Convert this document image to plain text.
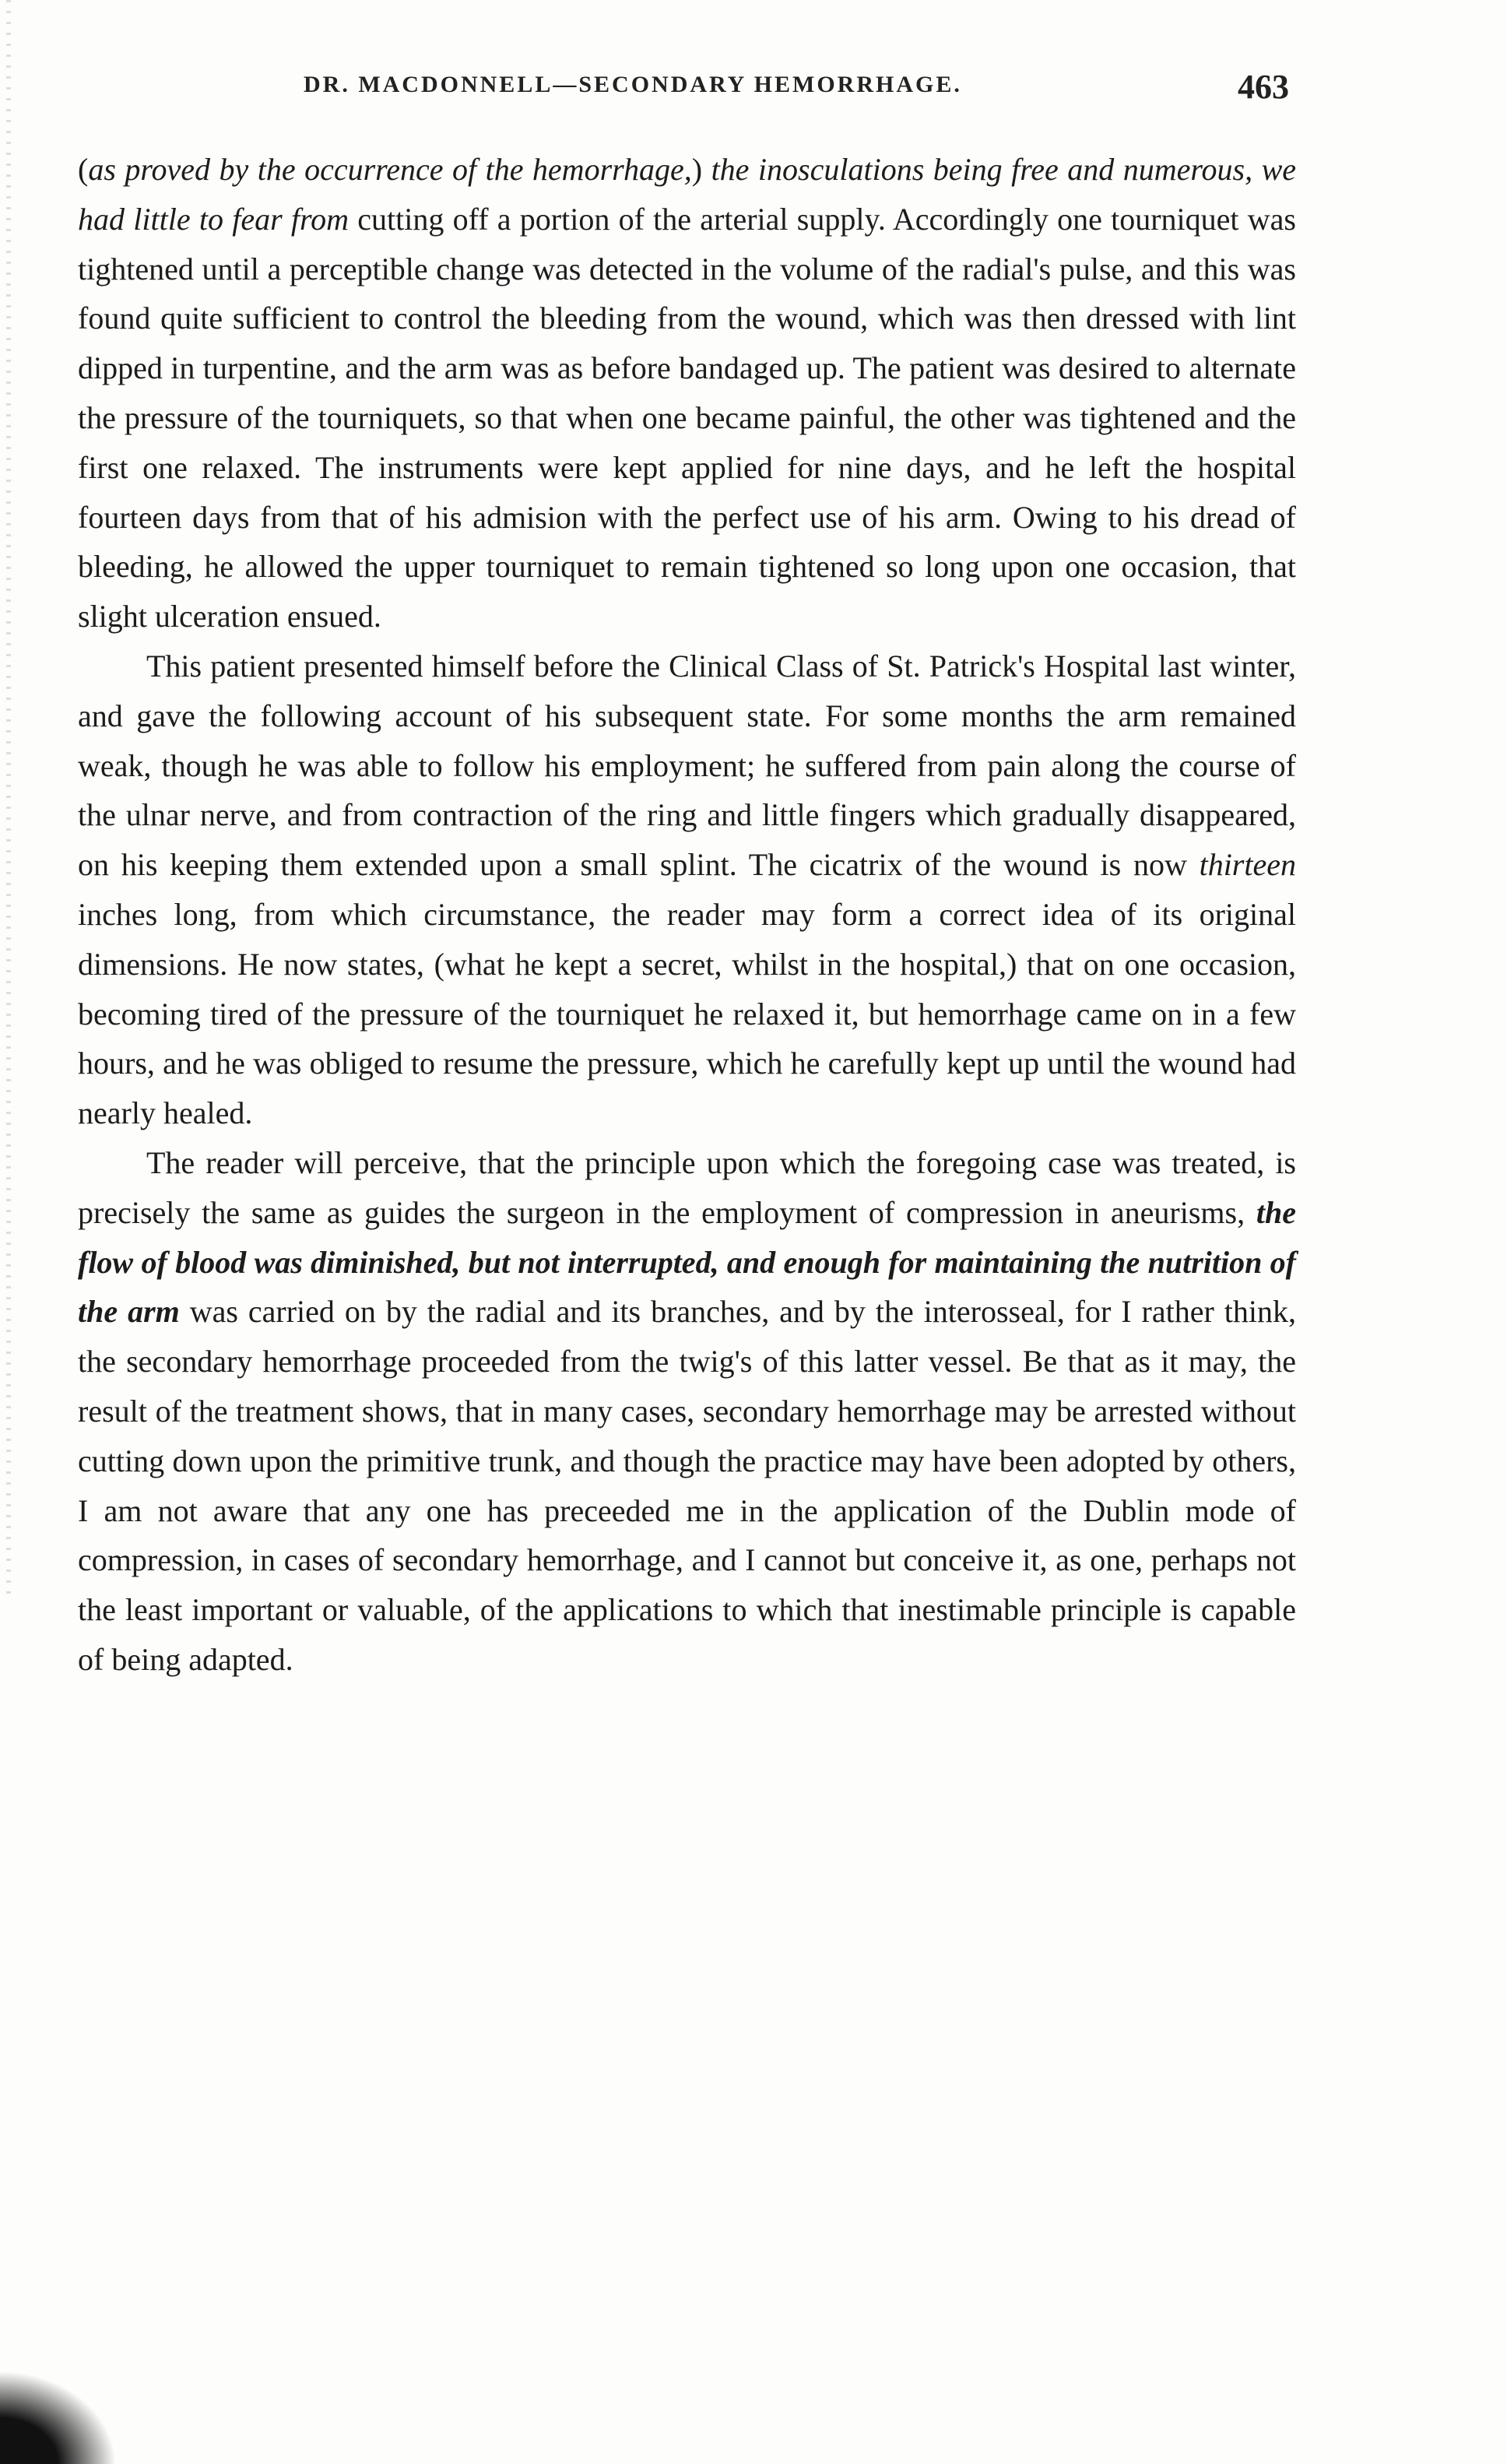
DR. MACDONNELL—SECONDARY HEMORRHAGE.	463

(as proved by the occurrence of the hemorrhage,) the inosculations being free and numerous, we had little to fear from cutting off a portion of the arterial supply. Accordingly one tourniquet was tightened until a perceptible change was detected in the volume of the radial's pulse, and this was found quite sufficient to control the bleeding from the wound, which was then dressed with lint dipped in turpentine, and the arm was as before bandaged up. The patient was desired to alternate the pressure of the tourniquets, so that when one became painful, the other was tightened and the first one relaxed. The instruments were kept applied for nine days, and he left the hospital fourteen days from that of his admision with the perfect use of his arm. Owing to his dread of bleeding, he allowed the upper tourniquet to remain tightened so long upon one occasion, that slight ulceration ensued.

This patient presented himself before the Clinical Class of St. Patrick's Hospital last winter, and gave the following account of his subsequent state. For some months the arm remained weak, though he was able to follow his employment; he suffered from pain along the course of the ulnar nerve, and from contraction of the ring and little fingers which gradually disappeared, on his keeping them extended upon a small splint. The cicatrix of the wound is now thirteen inches long, from which circumstance, the reader may form a correct idea of its original dimensions. He now states, (what he kept a secret, whilst in the hospital,) that on one occasion, becoming tired of the pressure of the tourniquet he relaxed it, but hemorrhage came on in a few hours, and he was obliged to resume the pressure, which he carefully kept up until the wound had nearly healed.

The reader will perceive, that the principle upon which the foregoing case was treated, is precisely the same as guides the surgeon in the employment of compression in aneurisms, the flow of blood was diminished, but not interrupted, and enough for maintaining the nutrition of the arm was carried on by the radial and its branches, and by the interosseal, for I rather think, the secondary hemorrhage proceeded from the twig's of this latter vessel. Be that as it may, the result of the treatment shows, that in many cases, secondary hemorrhage may be arrested without cutting down upon the primitive trunk, and though the practice may have been adopted by others, I am not aware that any one has preceeded me in the application of the Dublin mode of compression, in cases of secondary hemorrhage, and I cannot but conceive it, as one, perhaps not the least important or valuable, of the applications to which that inestimable principle is capable of being adapted.
